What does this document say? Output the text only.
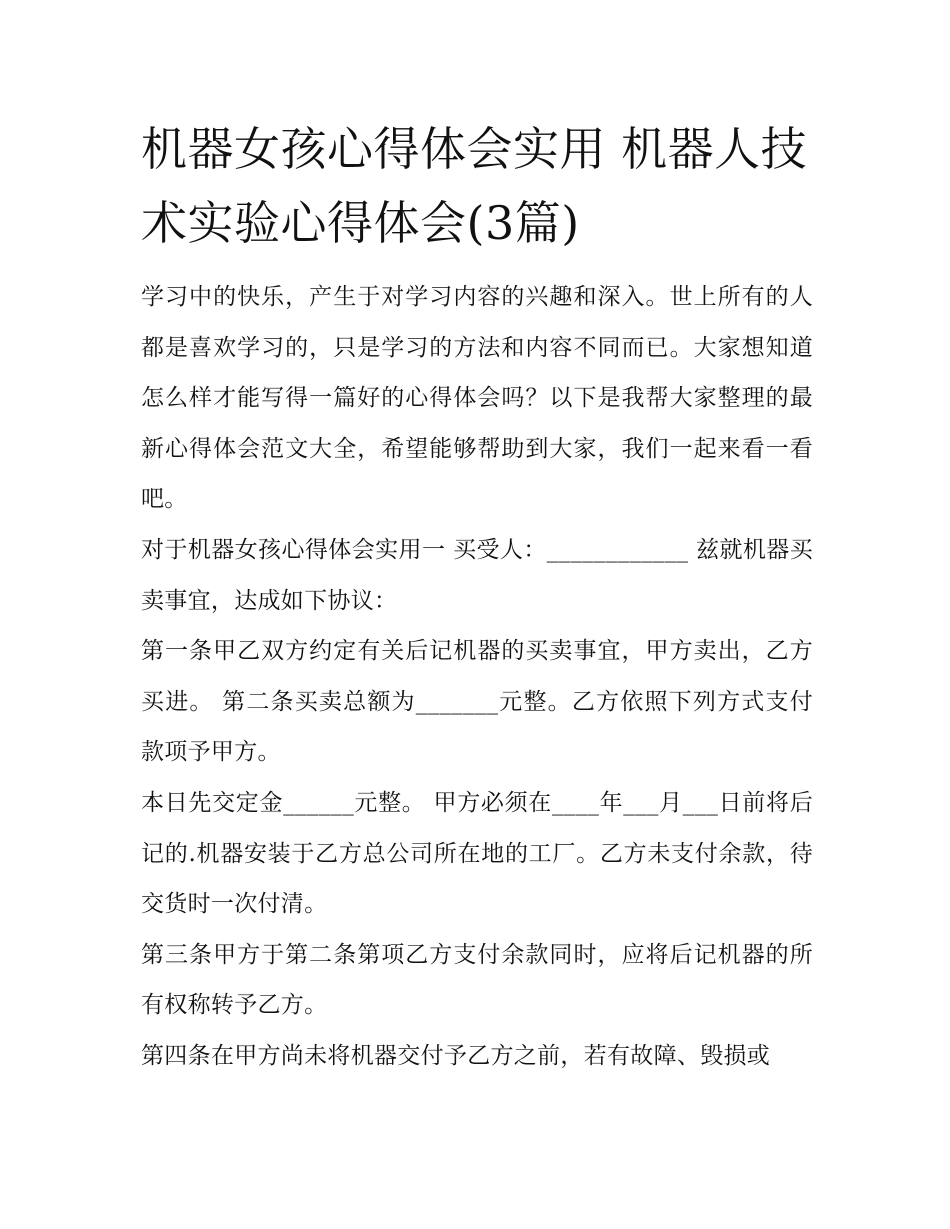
机器女孩心得体会实用 机器人技术实验心得体会(3篇)

学习中的快乐，产生于对学习内容的兴趣和深入。世上所有的人都是喜欢学习的，只是学习的方法和内容不同而已。大家想知道怎么样才能写得一篇好的心得体会吗？以下是我帮大家整理的最新心得体会范文大全，希望能够帮助到大家，我们一起来看一看吧。

对于机器女孩心得体会实用一 买受人：____________ 兹就机器买卖事宜，达成如下协议：

第一条甲乙双方约定有关后记机器的买卖事宜，甲方卖出，乙方买进。 第二条买卖总额为_______元整。乙方依照下列方式支付款项予甲方。

本日先交定金______元整。 甲方必须在____年___月___日前将后记的.机器安装于乙方总公司所在地的工厂。乙方未支付余款，待交货时一次付清。

第三条甲方于第二条第项乙方支付余款同时，应将后记机器的所有权称转予乙方。

第四条在甲方尚未将机器交付予乙方之前，若有故障、毁损或
